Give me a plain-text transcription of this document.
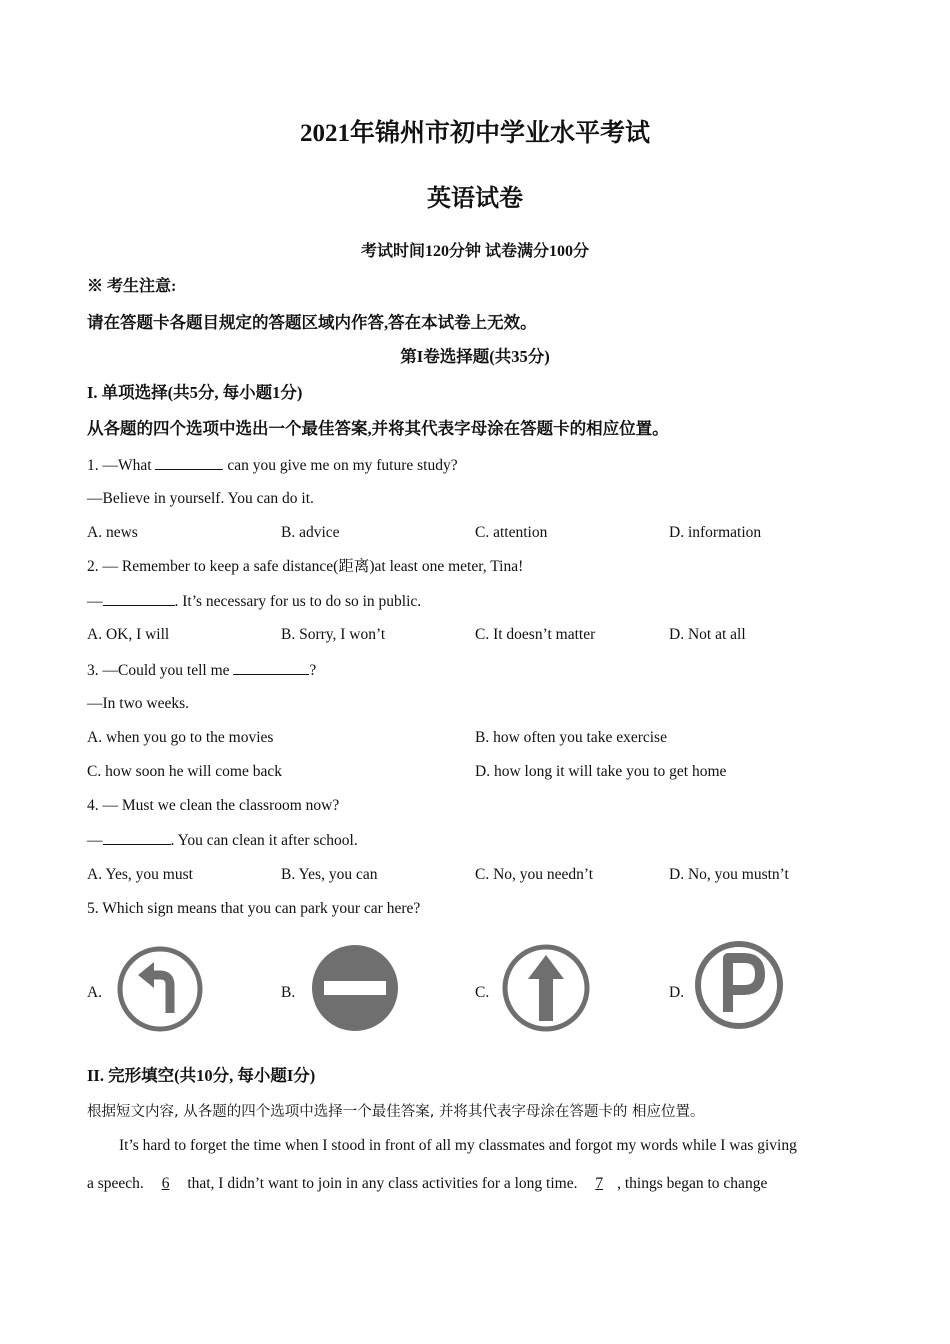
2021年锦州市初中学业水平考试
英语试卷
考试时间120分钟 试卷满分100分
※ 考生注意:
请在答题卡各题目规定的答题区域内作答,答在本试卷上无效。
第I卷选择题(共35分)
I. 单项选择(共5分, 每小题1分)
从各题的四个选项中选出一个最佳答案,并将其代表字母涂在答题卡的相应位置。
1. —What	can you give me on my future study?
—Believe in yourself. You can do it.
A. news	B. advice	C. attention	D. information
2. — Remember to keep a safe distance(距离)at least one meter, Tina!
—	. It’s necessary for us to do so in public.
A. OK, I will	B. Sorry, I won’t	C. It doesn’t matter	D. Not at all
3. —Could you tell me	?
—In two weeks.
A. when you go to the movies	B. how often you take exercise
C. how soon he will come back	D. how long it will take you to get home
4. — Must we clean the classroom now?
—	. You can clean it after school.
A. Yes, you must	B. Yes, you can	C. No, you needn’t	D. No, you mustn’t
5. Which sign means that you can park your car here?
A.	B.	C.	D.
II. 完形填空(共10分, 每小题I分)
根据短文内容, 从各题的四个选项中选择一个最佳答案, 并将其代表字母涂在答题卡的 相应位置。
It’s hard to forget the time when I stood in front of all my classmates and forgot my words while I was giving
a speech. 6 that, I didn’t want to join in any class activities for a long time. 7 , things began to change
